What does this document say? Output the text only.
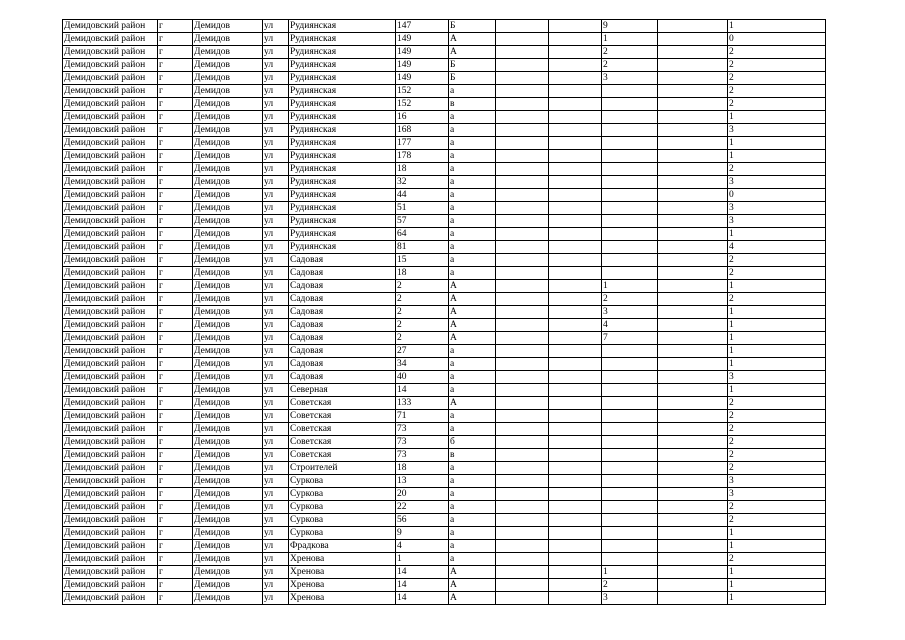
Демидовский район	г	Демидов	ул	Рудиянская	147	Б			9		1
Демидовский район	г	Демидов	ул	Рудиянская	149	А			1		0
Демидовский район	г	Демидов	ул	Рудиянская	149	А			2		2
Демидовский район	г	Демидов	ул	Рудиянская	149	Б			2		2
Демидовский район	г	Демидов	ул	Рудиянская	149	Б			3		2
Демидовский район	г	Демидов	ул	Рудиянская	152	а					2
Демидовский район	г	Демидов	ул	Рудиянская	152	в					2
Демидовский район	г	Демидов	ул	Рудиянская	16	а					1
Демидовский район	г	Демидов	ул	Рудиянская	168	а					3
Демидовский район	г	Демидов	ул	Рудиянская	177	а					1
Демидовский район	г	Демидов	ул	Рудиянская	178	а					1
Демидовский район	г	Демидов	ул	Рудиянская	18	а					2
Демидовский район	г	Демидов	ул	Рудиянская	32	а					3
Демидовский район	г	Демидов	ул	Рудиянская	44	а					0
Демидовский район	г	Демидов	ул	Рудиянская	51	а					3
Демидовский район	г	Демидов	ул	Рудиянская	57	а					3
Демидовский район	г	Демидов	ул	Рудиянская	64	а					1
Демидовский район	г	Демидов	ул	Рудиянская	81	а					4
Демидовский район	г	Демидов	ул	Садовая	15	а					2
Демидовский район	г	Демидов	ул	Садовая	18	а					2
Демидовский район	г	Демидов	ул	Садовая	2	А			1		1
Демидовский район	г	Демидов	ул	Садовая	2	А			2		2
Демидовский район	г	Демидов	ул	Садовая	2	А			3		1
Демидовский район	г	Демидов	ул	Садовая	2	А			4		1
Демидовский район	г	Демидов	ул	Садовая	2	А			7		1
Демидовский район	г	Демидов	ул	Садовая	27	а					1
Демидовский район	г	Демидов	ул	Садовая	34	а					1
Демидовский район	г	Демидов	ул	Садовая	40	а					3
Демидовский район	г	Демидов	ул	Северная	14	а					1
Демидовский район	г	Демидов	ул	Советская	133	А					2
Демидовский район	г	Демидов	ул	Советская	71	а					2
Демидовский район	г	Демидов	ул	Советская	73	а					2
Демидовский район	г	Демидов	ул	Советская	73	б					2
Демидовский район	г	Демидов	ул	Советская	73	в					2
Демидовский район	г	Демидов	ул	Строителей	18	а					2
Демидовский район	г	Демидов	ул	Суркова	13	а					3
Демидовский район	г	Демидов	ул	Суркова	20	а					3
Демидовский район	г	Демидов	ул	Суркова	22	а					2
Демидовский район	г	Демидов	ул	Суркова	56	а					2
Демидовский район	г	Демидов	ул	Суркова	9	а					1
Демидовский район	г	Демидов	ул	Фрадкова	4	а					1
Демидовский район	г	Демидов	ул	Хренова	1	а					2
Демидовский район	г	Демидов	ул	Хренова	14	А			1		1
Демидовский район	г	Демидов	ул	Хренова	14	А			2		1
Демидовский район	г	Демидов	ул	Хренова	14	А			3		1
